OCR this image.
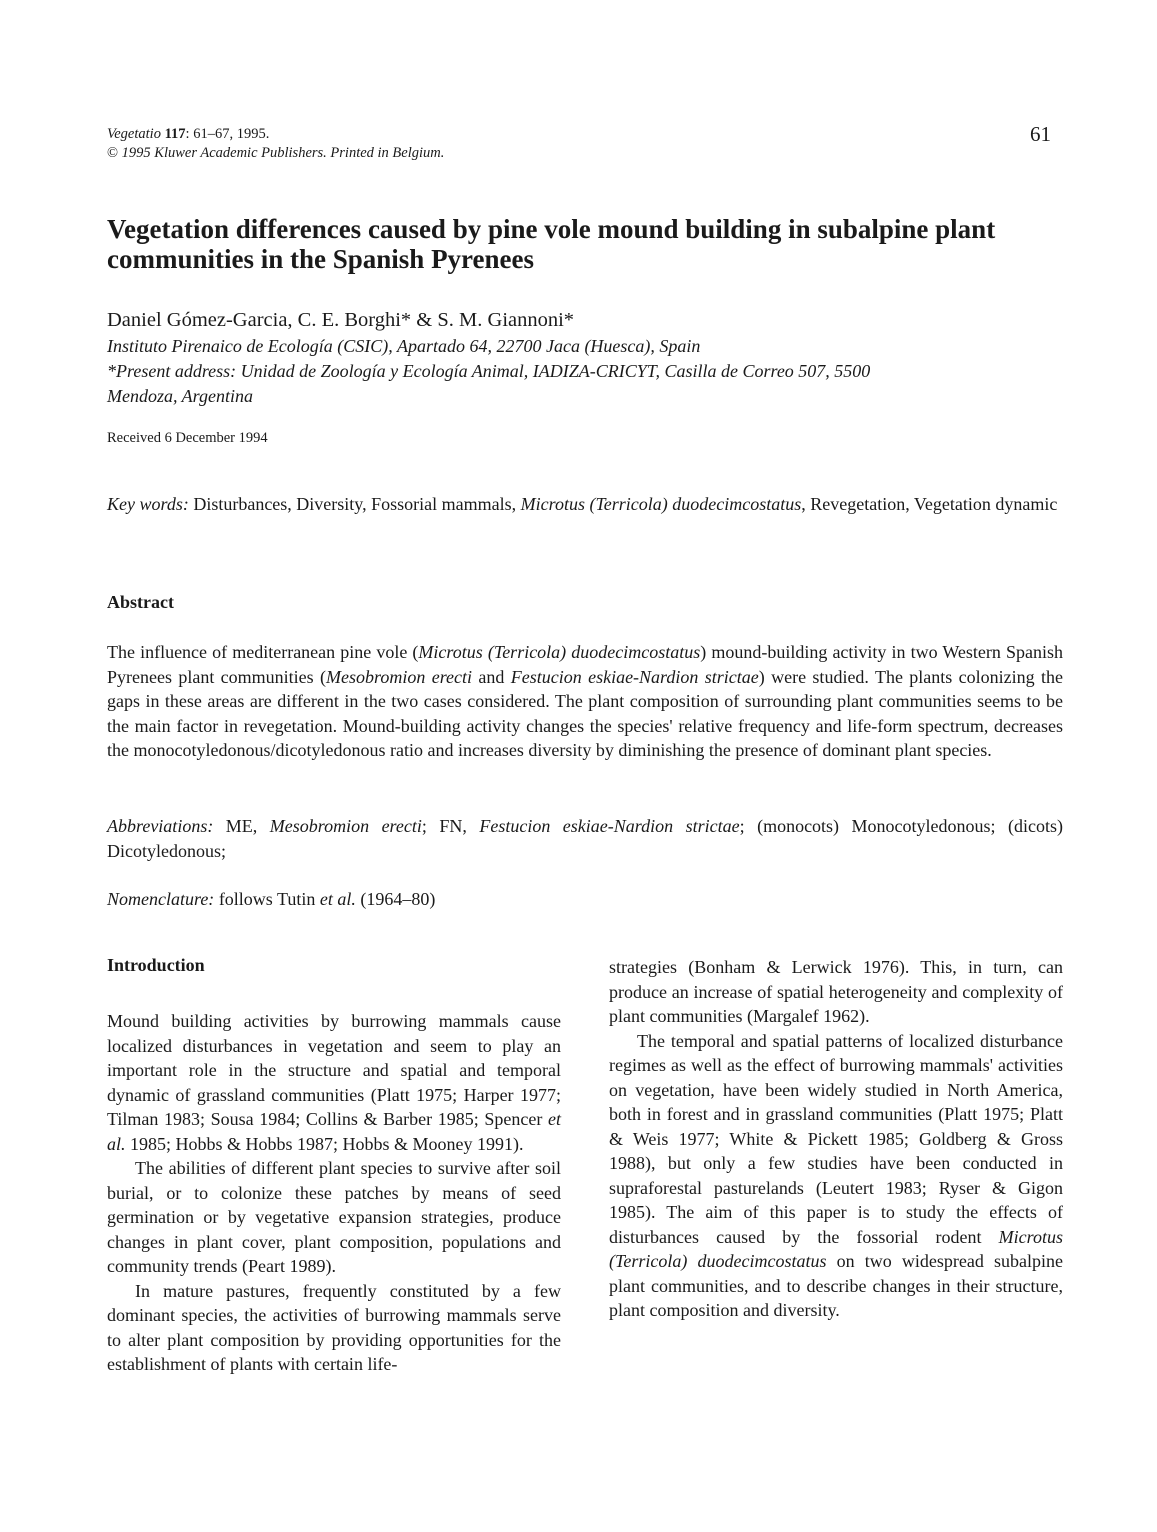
Vegetatio 117: 61–67, 1995.
© 1995 Kluwer Academic Publishers. Printed in Belgium.
61
Vegetation differences caused by pine vole mound building in subalpine plant communities in the Spanish Pyrenees
Daniel Gómez-Garcia, C. E. Borghi* & S. M. Giannoni*
Instituto Pirenaico de Ecología (CSIC), Apartado 64, 22700 Jaca (Huesca), Spain
*Present address: Unidad de Zoología y Ecología Animal, IADIZA-CRICYT, Casilla de Correo 507, 5500
Mendoza, Argentina
Received 6 December 1994

Key words: Disturbances, Diversity, Fossorial mammals, Microtus (Terricola) duodecimcostatus, Revegetation, Vegetation dynamic

Abstract

The influence of mediterranean pine vole (Microtus (Terricola) duodecimcostatus) mound-building activity in two Western Spanish Pyrenees plant communities (Mesobromion erecti and Festucion eskiae-Nardion strictae) were studied. The plants colonizing the gaps in these areas are different in the two cases considered. The plant composition of surrounding plant communities seems to be the main factor in revegetation. Mound-building activity changes the species' relative frequency and life-form spectrum, decreases the monocotyledonous/dicotyledonous ratio and increases diversity by diminishing the presence of dominant plant species.

Abbreviations: ME, Mesobromion erecti; FN, Festucion eskiae-Nardion strictae; (monocots) Monocotyledonous; (dicots) Dicotyledonous;

Nomenclature: follows Tutin et al. (1964–80)

Introduction

Mound building activities by burrowing mammals cause localized disturbances in vegetation and seem to play an important role in the structure and spatial and temporal dynamic of grassland communities (Platt 1975; Harper 1977; Tilman 1983; Sousa 1984; Collins & Barber 1985; Spencer et al. 1985; Hobbs & Hobbs 1987; Hobbs & Mooney 1991).

The abilities of different plant species to survive after soil burial, or to colonize these patches by means of seed germination or by vegetative expansion strategies, produce changes in plant cover, plant composition, populations and community trends (Peart 1989).

In mature pastures, frequently constituted by a few dominant species, the activities of burrowing mammals serve to alter plant composition by providing opportunities for the establishment of plants with certain life-

strategies (Bonham & Lerwick 1976). This, in turn, can produce an increase of spatial heterogeneity and complexity of plant communities (Margalef 1962).

The temporal and spatial patterns of localized disturbance regimes as well as the effect of burrowing mammals' activities on vegetation, have been widely studied in North America, both in forest and in grassland communities (Platt 1975; Platt & Weis 1977; White & Pickett 1985; Goldberg & Gross 1988), but only a few studies have been conducted in supraforestal pasturelands (Leutert 1983; Ryser & Gigon 1985). The aim of this paper is to study the effects of disturbances caused by the fossorial rodent Microtus (Terricola) duodecimcostatus on two widespread subalpine plant communities, and to describe changes in their structure, plant composition and diversity.
